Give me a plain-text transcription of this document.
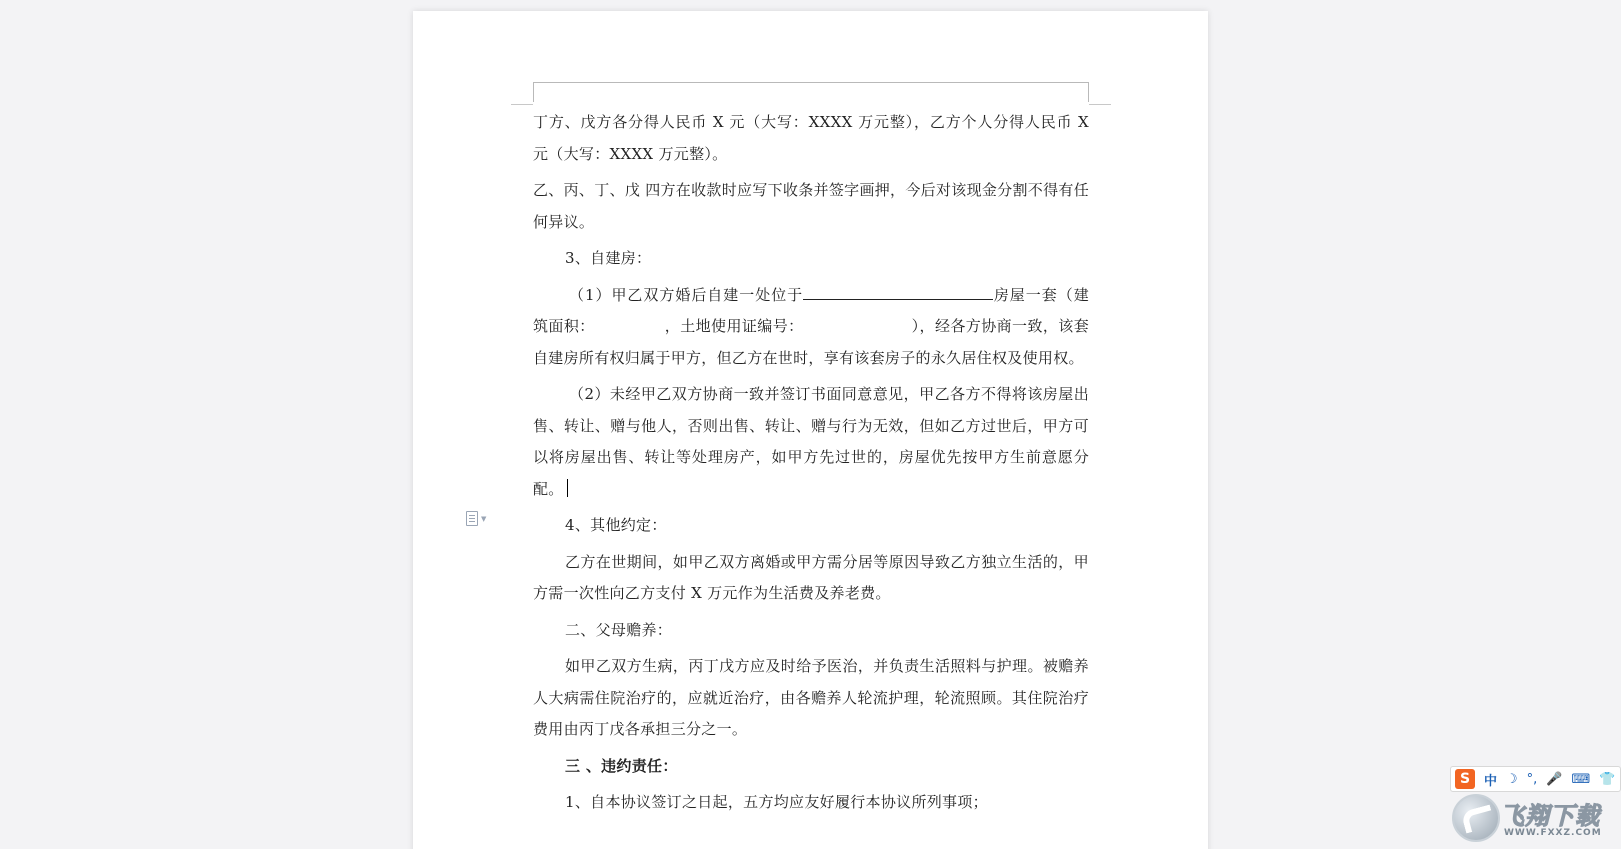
丁方、戊方各分得人民币 X 元（大写：XXXX 万元整），乙方个人分得人民币 X 元（大写：XXXX 万元整）。

乙、丙、丁、戊 四方在收款时应写下收条并签字画押，今后对该现金分割不得有任何异议。

3、自建房：

（1）甲乙双方婚后自建一处位于	房屋一套（建筑面积：	，土地使用证编号：	），经各方协商一致，该套自建房所有权归属于甲方，但乙方在世时，享有该套房子的永久居住权及使用权。

（2）未经甲乙双方协商一致并签订书面同意意见，甲乙各方不得将该房屋出售、转让、赠与他人，否则出售、转让、赠与行为无效，但如乙方过世后，甲方可以将房屋出售、转让等处理房产，如甲方先过世的，房屋优先按甲方生前意愿分配。

4、其他约定：

乙方在世期间，如甲乙双方离婚或甲方需分居等原因导致乙方独立生活的，甲方需一次性向乙方支付 X 万元作为生活费及养老费。

二、父母赡养：

如甲乙双方生病，丙丁戊方应及时给予医治，并负责生活照料与护理。被赡养人大病需住院治疗的，应就近治疗，由各赡养人轮流护理，轮流照顾。其住院治疗费用由丙丁戊各承担三分之一。

三 、违约责任：

1、自本协议签订之日起，五方均应友好履行本协议所列事项；

▼
S	中 ☽ °, 🎤 ⌨ 👕
飞翔下载
WWW.FXXZ.COM
